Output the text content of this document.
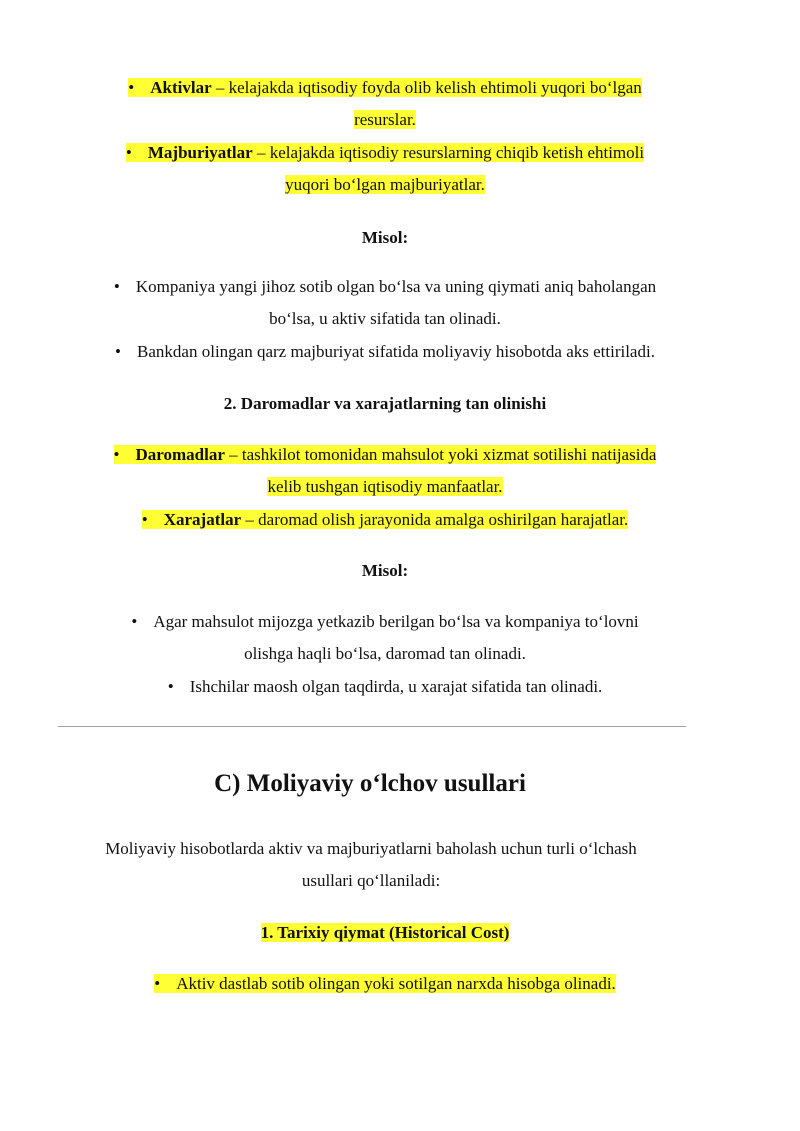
• Aktivlar – kelajakda iqtisodiy foyda olib kelish ehtimoli yuqori bo‘lgan
resurslar.
• Majburiyatlar – kelajakda iqtisodiy resurslarning chiqib ketish ehtimoli
yuqori bo‘lgan majburiyatlar.
Misol:
• Kompaniya yangi jihoz sotib olgan bo‘lsa va uning qiymati aniq baholangan
bo‘lsa, u aktiv sifatida tan olinadi.
• Bankdan olingan qarz majburiyat sifatida moliyaviy hisobotda aks ettiriladi.
2. Daromadlar va xarajatlarning tan olinishi
• Daromadlar – tashkilot tomonidan mahsulot yoki xizmat sotilishi natijasida
kelib tushgan iqtisodiy manfaatlar.
• Xarajatlar – daromad olish jarayonida amalga oshirilgan harajatlar.
Misol:
• Agar mahsulot mijozga yetkazib berilgan bo‘lsa va kompaniya to‘lovni
olishga haqli bo‘lsa, daromad tan olinadi.
• Ishchilar maosh olgan taqdirda, u xarajat sifatida tan olinadi.
C) Moliyaviy o‘lchov usullari
Moliyaviy hisobotlarda aktiv va majburiyatlarni baholash uchun turli o‘lchash
usullari qo‘llaniladi:
1. Tarixiy qiymat (Historical Cost)
• Aktiv dastlab sotib olingan yoki sotilgan narxda hisobga olinadi.
